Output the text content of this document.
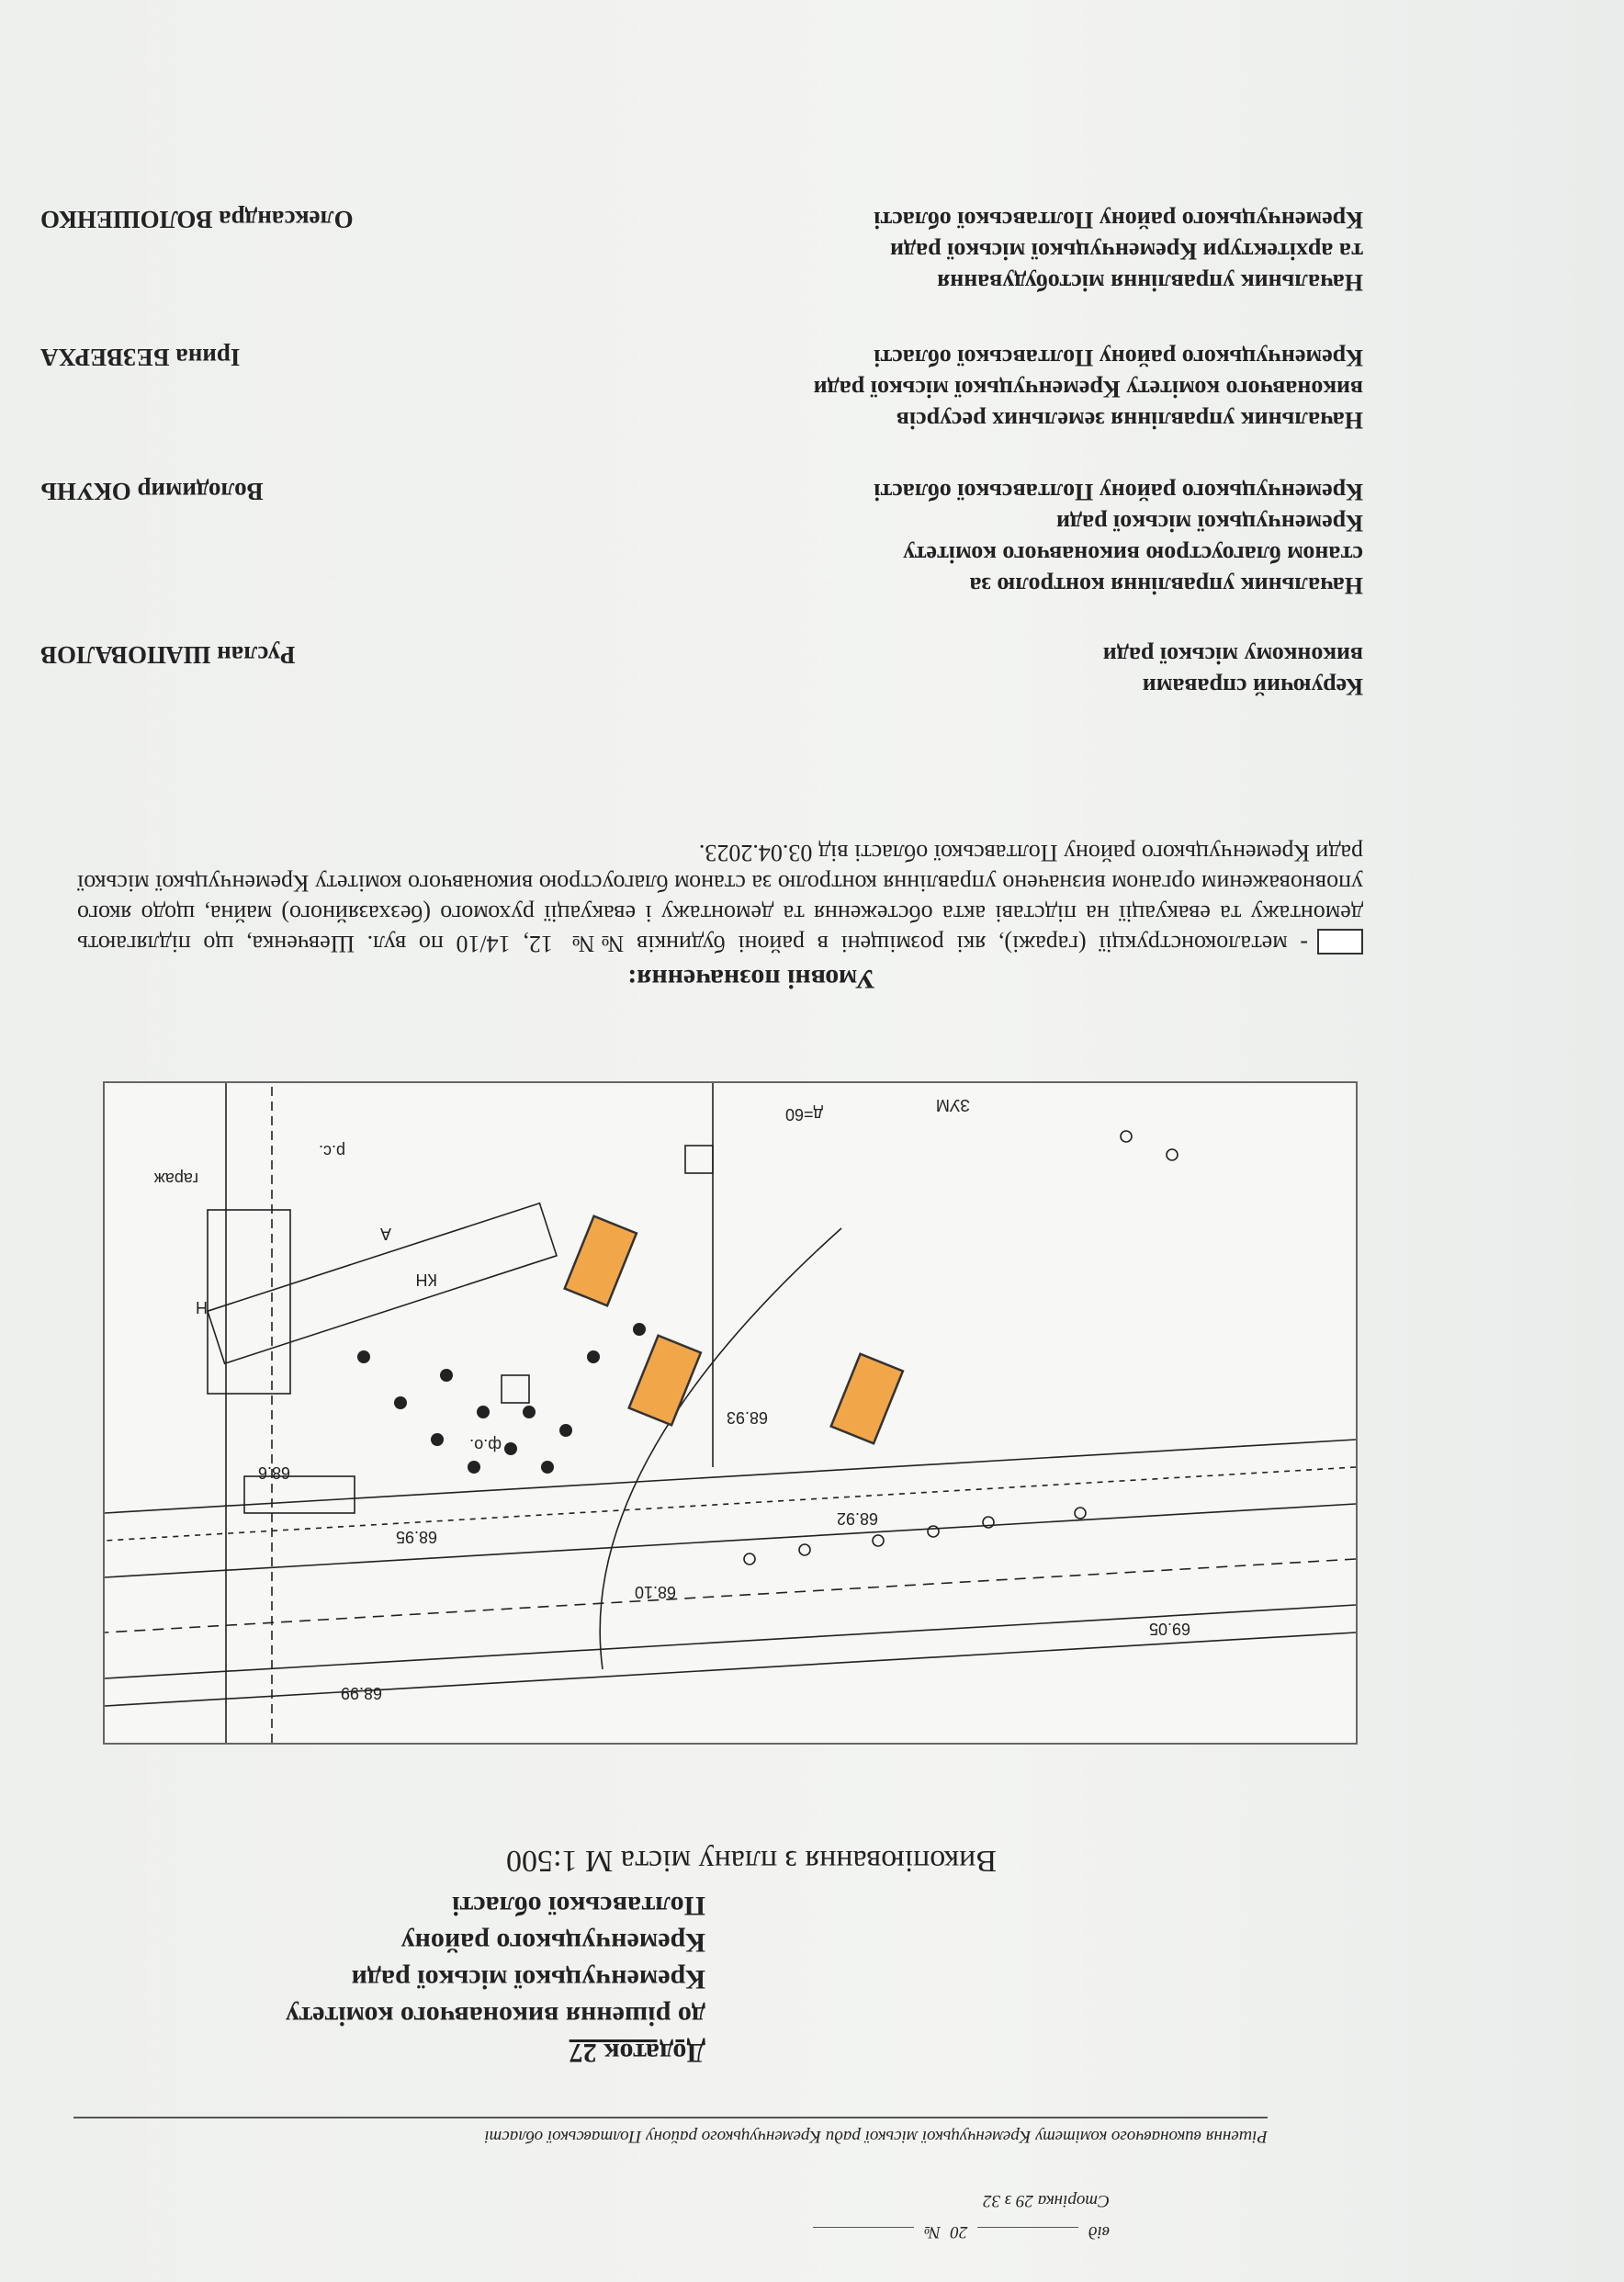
Рішення виконавчого комітету Кременчуцької міської ради Кременчуцького району Полтавської області
від  20 №
Сторінка 29 з 32
Додаток 27
до рішення виконавчого комітету
Кременчуцької міської ради
Кременчуцького району
Полтавської області
Викопіювання з плану міста М 1:500
КН
гараж
ф.о.
68.93
68.10
68.99
69.05
68.92
68.95
68.6
ЗУМ
Н
А
д=60
р.с.
Умовні позначення:
- металоконструкції (гаражі), які розміщені в районі будинків №№ 12, 14/10 по вул. Шевченка, що підлягають демонтажу та евакуації на підставі акта обстеження та демонтажу і евакуації рухомого (безхазяйного) майна, щодо якого уповноваженим органом визначено управління контролю за станом благоустрою виконавчого комітету Кременчуцької міської ради Кременчуцького району Полтавської області від 03.04.2023.
Керуючий справами
виконкому міської ради
Руслан ШАПОВАЛОВ
Начальник управління контролю за
станом благоустрою виконавчого комітету
Кременчуцької міської ради
Кременчуцького району Полтавської області
Володимир ОКУНЬ
Начальник управління земельних ресурсів
виконавчого комітету Кременчуцької міської ради
Кременчуцького району Полтавської області
Ірина БЕЗВЕРХА
Начальник управління містобудування
та архітектури Кременчуцької міської ради
Кременчуцького району Полтавської області
Олександра ВОЛОШЕНКО
